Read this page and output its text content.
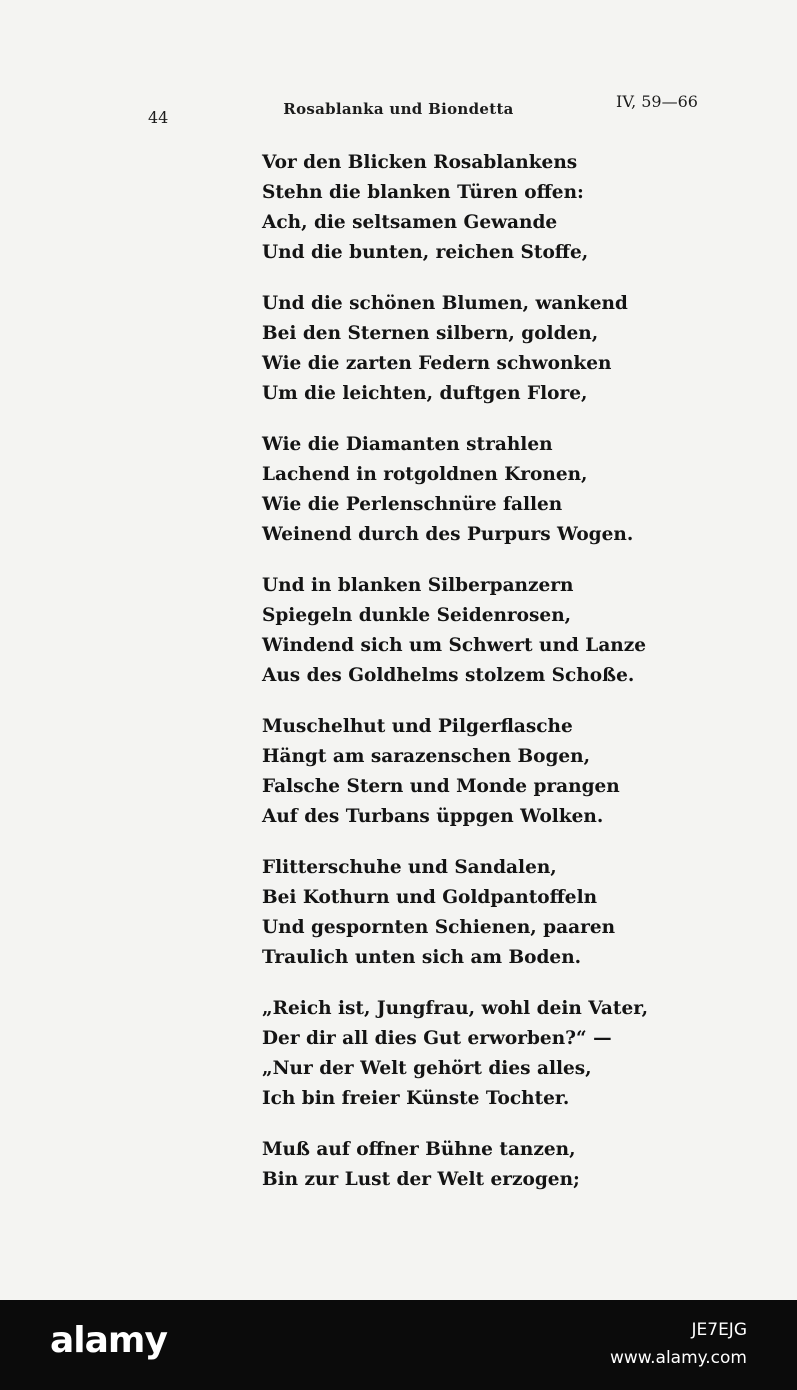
44	Rosablanka und Biondetta	IV, 59—66
Vor den Blicken Rosablankens
Stehn die blanken Türen offen:
Ach, die seltsamen Gewande
Und die bunten, reichen Stoffe,
Und die schönen Blumen, wankend
Bei den Sternen silbern, golden,
Wie die zarten Federn schwonken
Um die leichten, duftgen Flore,
Wie die Diamanten strahlen
Lachend in rotgoldnen Kronen,
Wie die Perlenschnüre fallen
Weinend durch des Purpurs Wogen.
Und in blanken Silberpanzern
Spiegeln dunkle Seidenrosen,
Windend sich um Schwert und Lanze
Aus des Goldhelms stolzem Schoße.
Muschelhut und Pilgerflasche
Hängt am sarazenschen Bogen,
Falsche Stern und Monde prangen
Auf des Turbans üppgen Wolken.
Flitterschuhe und Sandalen,
Bei Kothurn und Goldpantoffeln
Und gespornten Schienen, paaren
Traulich unten sich am Boden.
„Reich ist, Jungfrau, wohl dein Vater,
Der dir all dies Gut erworben?“ —
„Nur der Welt gehört dies alles,
Ich bin freier Künste Tochter.
Muß auf offner Bühne tanzen,
Bin zur Lust der Welt erzogen;
alamy	JE7EJG
www.alamy.com
